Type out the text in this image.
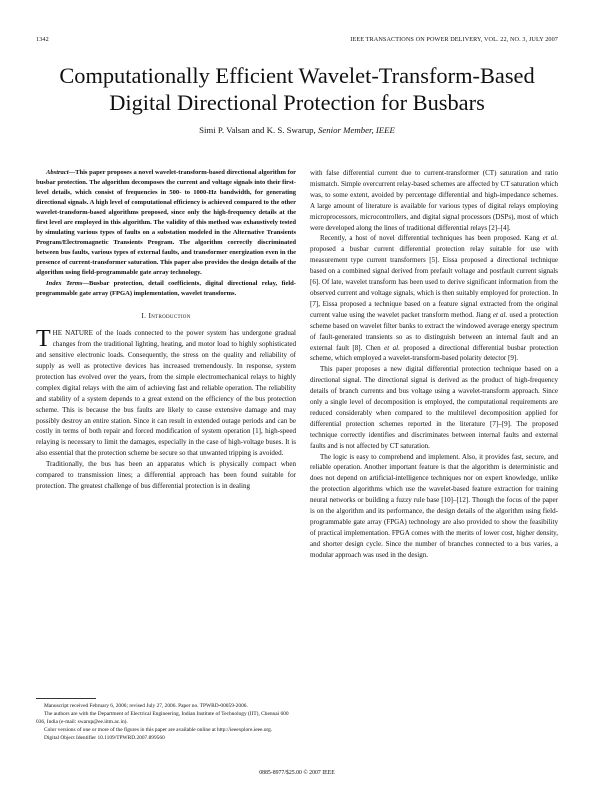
1342	IEEE TRANSACTIONS ON POWER DELIVERY, VOL. 22, NO. 3, JULY 2007
Computationally Efficient Wavelet-Transform-Based
Digital Directional Protection for Busbars
Simi P. Valsan and K. S. Swarup, Senior Member, IEEE

Abstract—This paper proposes a novel wavelet-transform-based directional algorithm for busbar protection. The algorithm decomposes the current and voltage signals into their first-level details, which consist of frequencies in 500- to 1000-Hz bandwidth, for generating directional signals. A high level of computational efficiency is achieved compared to the other wavelet-transform-based algorithms proposed, since only the high-frequency details at the first level are employed in this algorithm. The validity of this method was exhaustively tested by simulating various types of faults on a substation modeled in the Alternative Transients Program/Electromagnetic Transients Program. The algorithm correctly discriminated between bus faults, various types of external faults, and transformer energization even in the presence of current-transformer saturation. This paper also provides the design details of the algorithm using field-programmable gate array technology.

Index Terms—Busbar protection, detail coefficients, digital directional relay, field-programmable gate array (FPGA) implementation, wavelet transforms.

I. Introduction

THE NATURE of the loads connected to the power system has undergone gradual changes from the traditional lighting, heating, and motor load to highly sophisticated and sensitive electronic loads. Consequently, the stress on the quality and reliability of supply as well as protective devices has increased tremendously. In response, system protection has evolved over the years, from the simple electromechanical relays to highly complex digital relays with the aim of achieving fast and reliable operation. The reliability and stability of a system depends to a great extend on the efficiency of the bus protection scheme. This is because the bus faults are likely to cause extensive damage and may possibly destroy an entire station. Since it can result in extended outage periods and can be costly in terms of both repair and forced modification of system operation [1], high-speed relaying is necessary to limit the damages, especially in the case of high-voltage buses. It is also essential that the protection scheme be secure so that unwanted tripping is avoided.

Traditionally, the bus has been an apparatus which is physically compact when compared to transmission lines; a differential approach has been found suitable for protection. The greatest challenge of bus differential protection is in dealing

with false differential current due to current-transformer (CT) saturation and ratio mismatch. Simple overcurrent relay-based schemes are affected by CT saturation which was, to some extent, avoided by percentage differential and high-impedance schemes. A large amount of literature is available for various types of digital relays employing microprocessors, microcontrollers, and digital signal processors (DSPs), most of which were developed along the lines of traditional differential relays [2]–[4].

Recently, a host of novel differential techniques has been proposed. Kang et al. proposed a busbar current differential protection relay suitable for use with measurement type current transformers [5]. Eissa proposed a directional technique based on a combined signal derived from prefault voltage and postfault current signals [6]. Of late, wavelet transform has been used to derive significant information from the observed current and voltage signals, which is then suitably employed for protection. In [7], Eissa proposed a technique based on a feature signal extracted from the original current value using the wavelet packet transform method. Jiang et al. used a protection scheme based on wavelet filter banks to extract the windowed average energy spectrum of fault-generated transients so as to distinguish between an internal fault and an external fault [8]. Chen et al. proposed a directional differential busbar protection scheme, which employed a wavelet-transform-based polarity detector [9].

This paper proposes a new digital differential protection technique based on a directional signal. The directional signal is derived as the product of high-frequency details of branch currents and bus voltage using a wavelet-transform approach. Since only a single level of decomposition is employed, the computational requirements are reduced considerably when compared to the multilevel decomposition applied for differential protection schemes reported in the literature [7]–[9]. The proposed technique correctly identifies and discriminates between internal faults and external faults and is not affected by CT saturation.

The logic is easy to comprehend and implement. Also, it provides fast, secure, and reliable operation. Another important feature is that the algorithm is deterministic and does not depend on artificial-intelligence techniques nor on expert knowledge, unlike the protection algorithms which use the wavelet-based feature extraction for training neural networks or building a fuzzy rule base [10]–[12]. Though the focus of the paper is on the algorithm and its performance, the design details of the algorithm using field-programmable gate array (FPGA) technology are also provided to show the feasibility of practical implementation. FPGA comes with the merits of lower cost, higher density, and shorter design cycle. Since the number of branches connected to a bus varies, a modular approach was used in the design.

Manuscript received February 6, 2006; revised July 27, 2006. Paper no. TPWRD-00059-2006.

The authors are with the Department of Electrical Engineering, Indian Institute of Technology (IIT), Chennai 600 036, India (e-mail: swarup@ee.iitm.ac.in).

Color versions of one or more of the figures in this paper are available online at http://ieeexplore.ieee.org.

Digital Object Identifier 10.1109/TPWRD.2007.899560

0885-8977/$25.00 © 2007 IEEE
